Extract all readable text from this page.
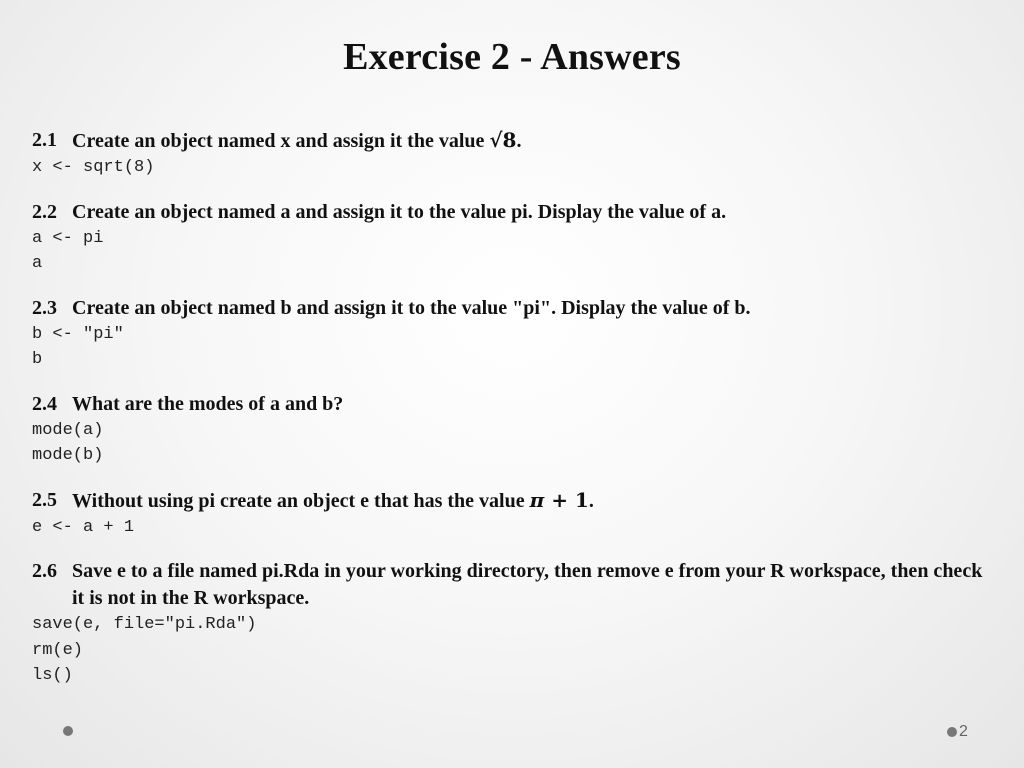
Exercise 2 - Answers
2.1 Create an object named x and assign it the value √8.
x <- sqrt(8)
2.2 Create an object named a and assign it to the value pi. Display the value of a.
a <- pi
a
2.3 Create an object named b and assign it to the value "pi". Display the value of b.
b <- "pi"
b
2.4 What are the modes of a and b?
mode(a)
mode(b)
2.5 Without using pi create an object e that has the value π + 1.
e <- a + 1
2.6 Save e to a file named pi.Rda in your working directory, then remove e from your R workspace, then check it is not in the R workspace.
save(e, file="pi.Rda")
rm(e)
ls()
2
